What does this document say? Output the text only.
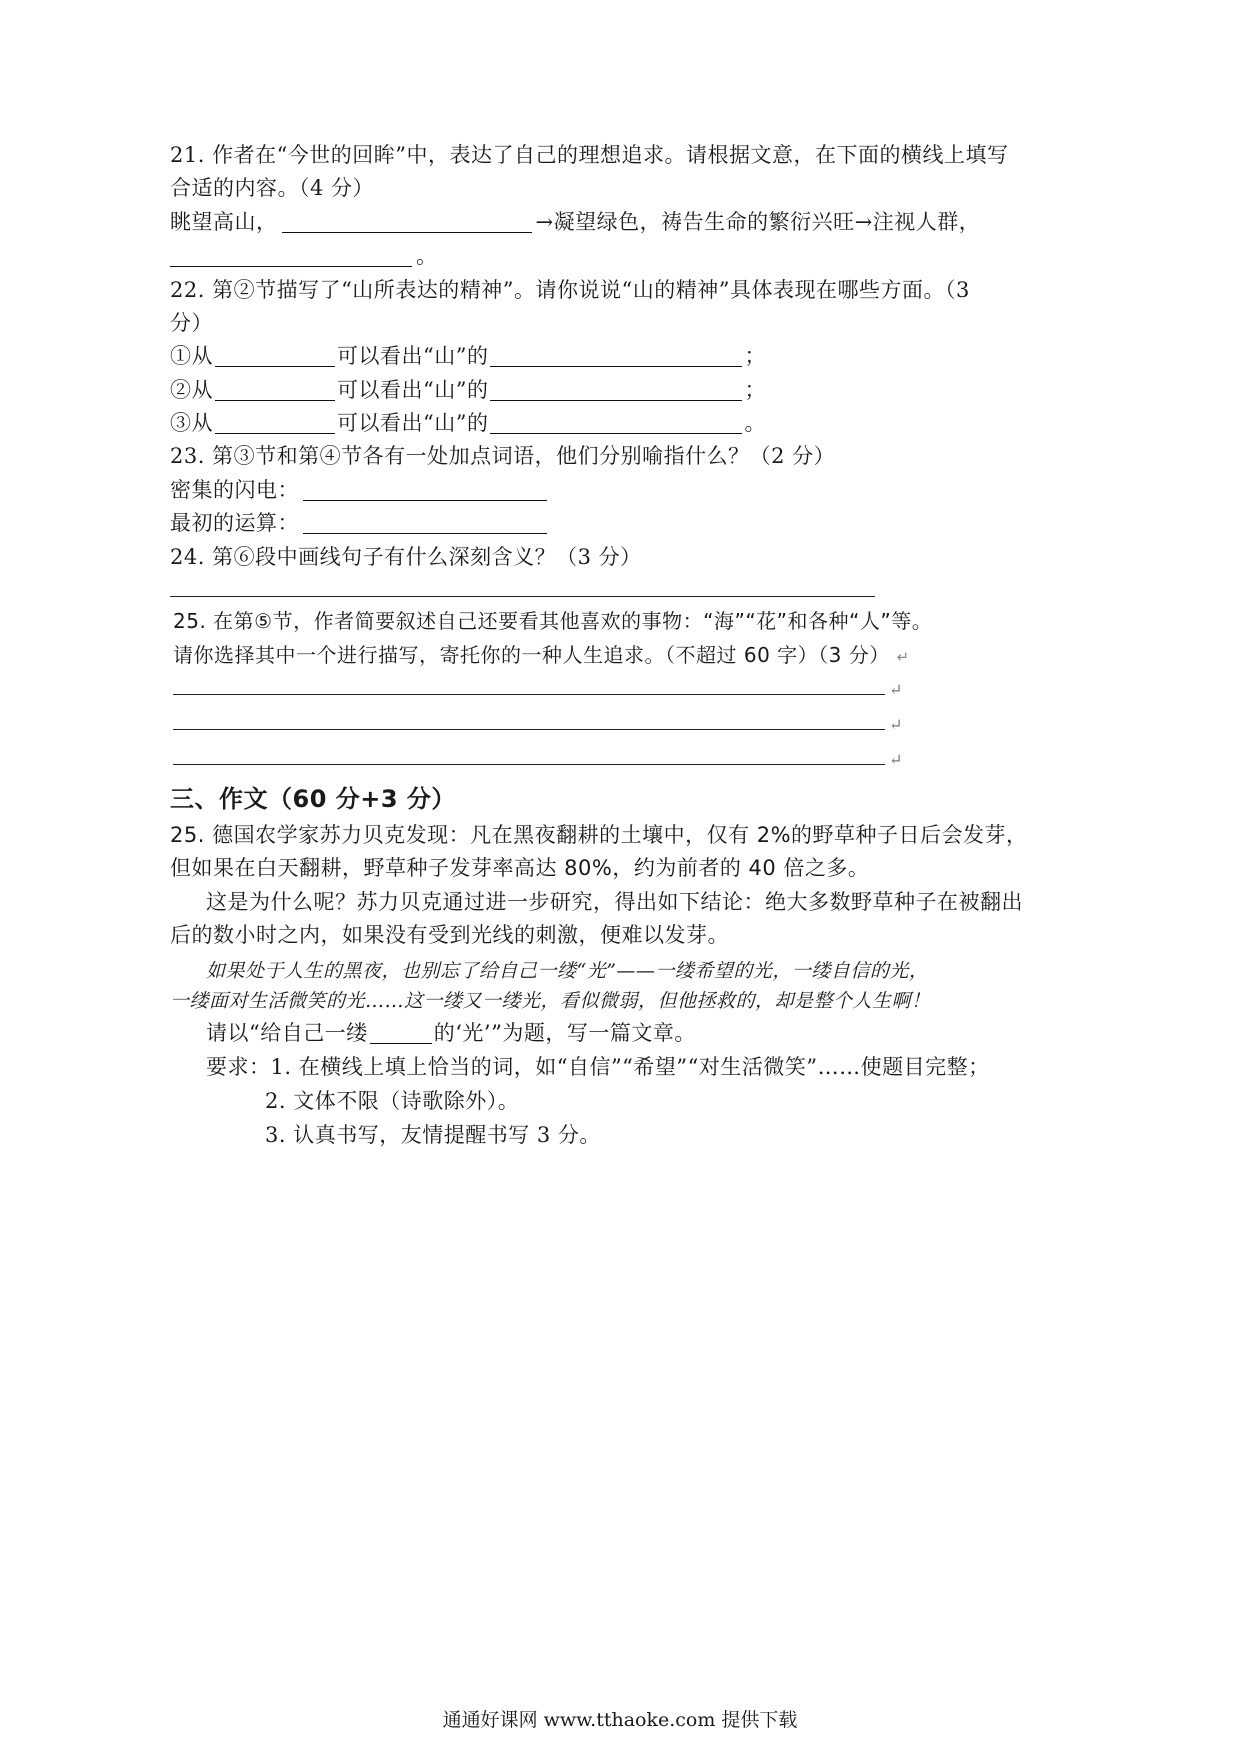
21. 作者在“今世的回眸”中，表达了自己的理想追求。请根据文意，在下面的横线上填写
合适的内容。（4 分）
眺望高山，	→凝望绿色，祷告生命的繁衍兴旺→注视人群，
。
22. 第②节描写了“山所表达的精神”。请你说说“山的精神”具体表现在哪些方面。（3
分）
①从	可以看出“山”的	；
②从	可以看出“山”的	；
③从	可以看出“山”的	。
23. 第③节和第④节各有一处加点词语，他们分别喻指什么？（2 分）
密集的闪电：
最初的运算：
24. 第⑥段中画线句子有什么深刻含义？（3 分）
25. 在第⑤节，作者简要叙述自己还要看其他喜欢的事物：“海”“花”和各种“人”等。
请你选择其中一个进行描写，寄托你的一种人生追求。（不超过 60 字）（3 分） ↵
↵
↵
↵
三、作文（60 分+3 分）
25. 德国农学家苏力贝克发现：凡在黑夜翻耕的土壤中，仅有 2%的野草种子日后会发芽，
但如果在白天翻耕，野草种子发芽率高达 80%，约为前者的 40 倍之多。
这是为什么呢？苏力贝克通过进一步研究，得出如下结论：绝大多数野草种子在被翻出
后的数小时之内，如果没有受到光线的刺激，便难以发芽。
如果处于人生的黑夜，也别忘了给自己一缕“光”——一缕希望的光，一缕自信的光，
一缕面对生活微笑的光……这一缕又一缕光，看似微弱，但他拯救的，却是整个人生啊！
请以“给自己一缕	的‘光’”为题，写一篇文章。
要求：1. 在横线上填上恰当的词，如“自信”“希望”“对生活微笑”……使题目完整；
2. 文体不限（诗歌除外）。
3. 认真书写，友情提醒书写 3 分。
通通好课网 www.tthaoke.com 提供下载
